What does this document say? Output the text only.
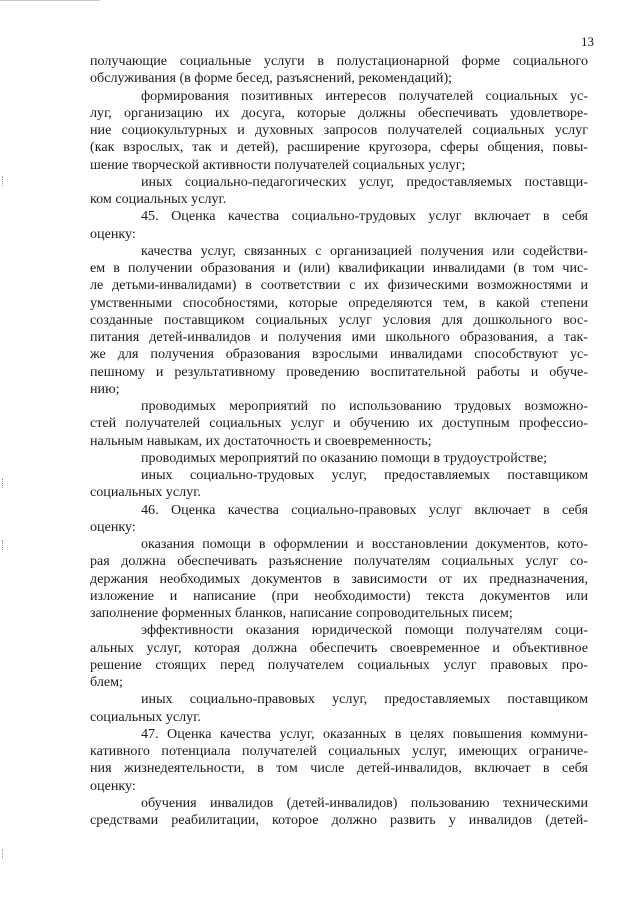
13
получающие социальные услуги в полустационарной форме социального
обслуживания (в форме бесед, разъяснений, рекомендаций);
формирования позитивных интересов получателей социальных ус-
луг, организацию их досуга, которые должны обеспечивать удовлетворе-
ние социокультурных и духовных запросов получателей социальных услуг
(как взрослых, так и детей), расширение кругозора, сферы общения, повы-
шение творческой активности получателей социальных услуг;
иных социально-педагогических услуг, предоставляемых поставщи-
ком социальных услуг.
45. Оценка качества социально-трудовых услуг включает в себя
оценку:
качества услуг, связанных с организацией получения или содействи-
ем в получении образования и (или) квалификации инвалидами (в том чис-
ле детьми-инвалидами) в соответствии с их физическими возможностями и
умственными способностями, которые определяются тем, в какой степени
созданные поставщиком социальных услуг условия для дошкольного вос-
питания детей-инвалидов и получения ими школьного образования, а так-
же для получения образования взрослыми инвалидами способствуют ус-
пешному и результативному проведению воспитательной работы и обуче-
нию;
проводимых мероприятий по использованию трудовых возможно-
стей получателей социальных услуг и обучению их доступным профессио-
нальным навыкам, их достаточность и своевременность;
проводимых мероприятий по оказанию помощи в трудоустройстве;
иных социально-трудовых услуг, предоставляемых поставщиком
социальных услуг.
46. Оценка качества социально-правовых услуг включает в себя
оценку:
оказания помощи в оформлении и восстановлении документов, кото-
рая должна обеспечивать разъяснение получателям социальных услуг со-
держания необходимых документов в зависимости от их предназначения,
изложение и написание (при необходимости) текста документов или
заполнение форменных бланков, написание сопроводительных писем;
эффективности оказания юридической помощи получателям соци-
альных услуг, которая должна обеспечить своевременное и объективное
решение стоящих перед получателем социальных услуг правовых про-
блем;
иных социально-правовых услуг, предоставляемых поставщиком
социальных услуг.
47. Оценка качества услуг, оказанных в целях повышения коммуни-
кативного потенциала получателей социальных услуг, имеющих ограниче-
ния жизнедеятельности, в том числе детей-инвалидов, включает в себя
оценку:
обучения инвалидов (детей-инвалидов) пользованию техническими
средствами реабилитации, которое должно развить у инвалидов (детей-
